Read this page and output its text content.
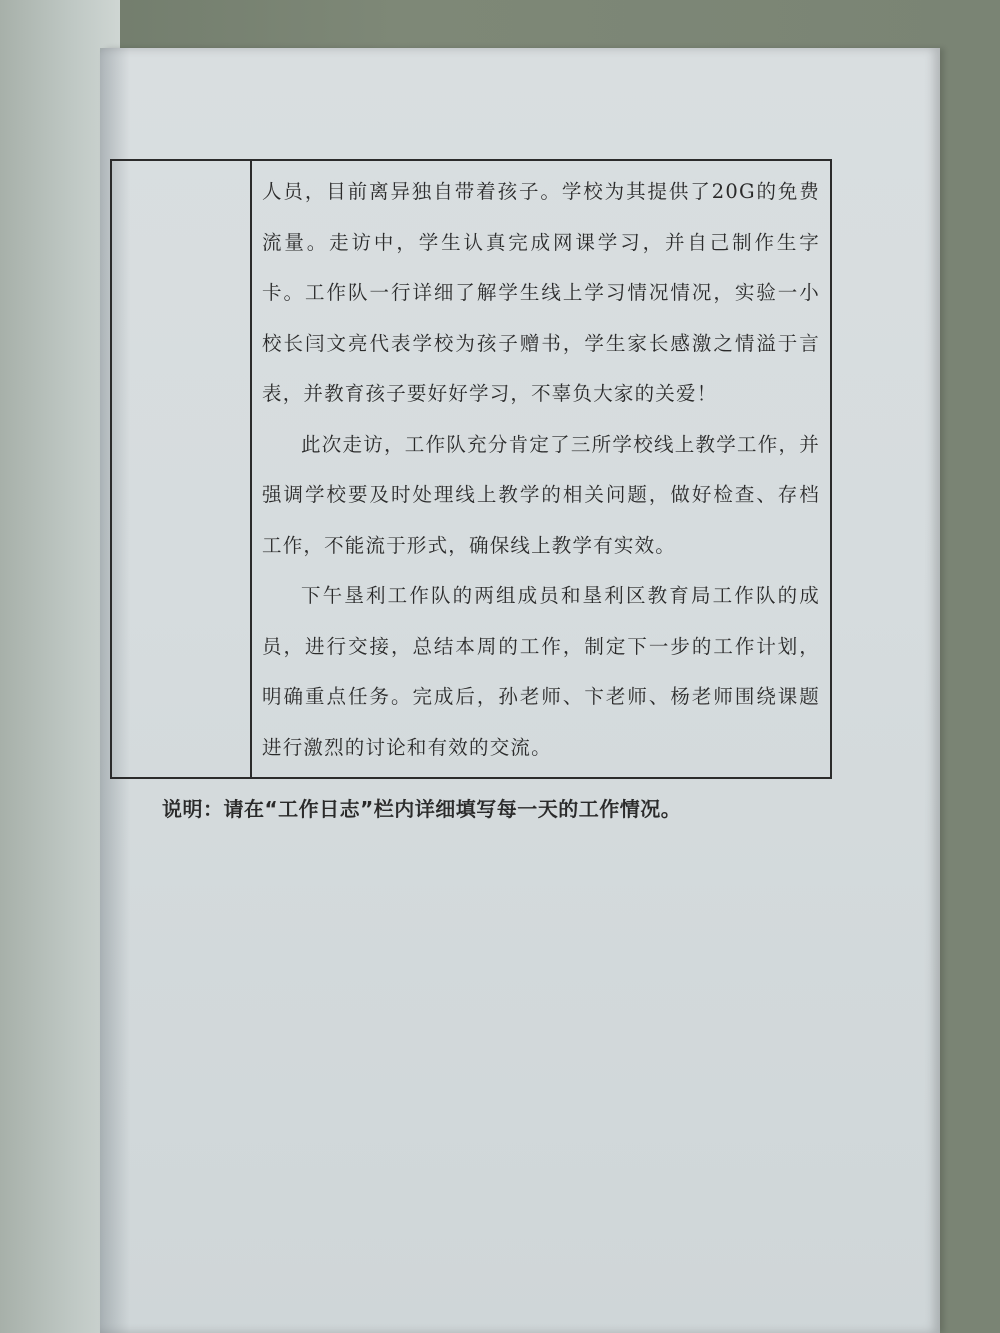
人员，目前离异独自带着孩子。学校为其提供了20G的免费流量。走访中，学生认真完成网课学习，并自己制作生字卡。工作队一行详细了解学生线上学习情况情况，实验一小校长闫文亮代表学校为孩子赠书，学生家长感激之情溢于言表，并教育孩子要好好学习，不辜负大家的关爱！

此次走访，工作队充分肯定了三所学校线上教学工作，并强调学校要及时处理线上教学的相关问题，做好检查、存档工作，不能流于形式，确保线上教学有实效。

下午垦利工作队的两组成员和垦利区教育局工作队的成员，进行交接，总结本周的工作，制定下一步的工作计划，明确重点任务。完成后，孙老师、卞老师、杨老师围绕课题进行激烈的讨论和有效的交流。

说明：请在“工作日志”栏内详细填写每一天的工作情况。
